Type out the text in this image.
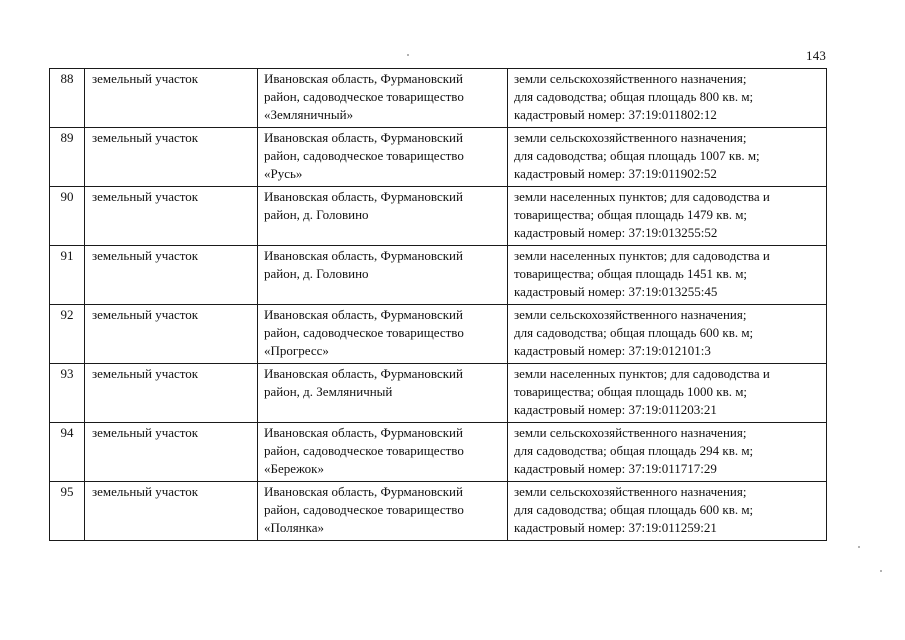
143
88	земельный участок	Ивановская область, Фурмановский
район, садоводческое товарищество
«Земляничный»	земли сельскохозяйственного назначения;
для садоводства; общая площадь 800 кв. м;
кадастровый номер: 37:19:011802:12

89	земельный участок	Ивановская область, Фурмановский
район, садоводческое товарищество
«Русь»	земли сельскохозяйственного назначения;
для садоводства; общая площадь 1007 кв. м;
кадастровый номер: 37:19:011902:52

90	земельный участок	Ивановская область, Фурмановский
район, д. Головино	земли населенных пунктов; для садоводства и
товарищества; общая площадь 1479 кв. м;
кадастровый номер: 37:19:013255:52

91	земельный участок	Ивановская область, Фурмановский
район, д. Головино	земли населенных пунктов; для садоводства и
товарищества; общая площадь 1451 кв. м;
кадастровый номер: 37:19:013255:45

92	земельный участок	Ивановская область, Фурмановский
район, садоводческое товарищество
«Прогресс»	земли сельскохозяйственного назначения;
для садоводства; общая площадь 600 кв. м;
кадастровый номер: 37:19:012101:3

93	земельный участок	Ивановская область, Фурмановский
район, д. Земляничный	земли населенных пунктов; для садоводства и
товарищества; общая площадь 1000 кв. м;
кадастровый номер: 37:19:011203:21

94	земельный участок	Ивановская область, Фурмановский
район, садоводческое товарищество
«Бережок»	земли сельскохозяйственного назначения;
для садоводства; общая площадь 294 кв. м;
кадастровый номер: 37:19:011717:29

95	земельный участок	Ивановская область, Фурмановский
район, садоводческое товарищество
«Полянка»	земли сельскохозяйственного назначения;
для садоводства; общая площадь 600 кв. м;
кадастровый номер: 37:19:011259:21
